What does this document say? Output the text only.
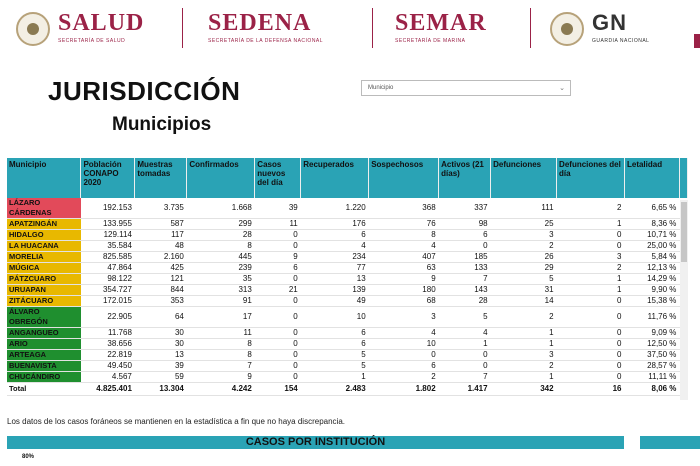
SALUD
SECRETARÍA DE SALUD
SEDENA
SECRETARÍA DE LA DEFENSA NACIONAL
SEMAR
SECRETARÍA DE MARINA
GN
GUARDIA NACIONAL
JURISDICCIÓN
Municipios
Municipio	⌄
Municipio	Población CONAPO 2020	Muestras tomadas	Confirmados	Casos nuevos del día	Recuperados	Sospechosos	Activos (21 días)	Defunciones	Defunciones del día	Letalidad	
LÁZARO CÁRDENAS	192.153	3.735	1.668	39	1.220	368	337	111	2	6,65 %	
APATZINGÁN	133.955	587	299	11	176	76	98	25	1	8,36 %	
HIDALGO	129.114	117	28	0	6	8	6	3	0	10,71 %	
LA HUACANA	35.584	48	8	0	4	4	0	2	0	25,00 %	
MORELIA	825.585	2.160	445	9	234	407	185	26	3	5,84 %	
MÚGICA	47.864	425	239	6	77	63	133	29	2	12,13 %	
PÁTZCUARO	98.122	121	35	0	13	9	7	5	1	14,29 %	
URUAPAN	354.727	844	313	21	139	180	143	31	1	9,90 %	
ZITÁCUARO	172.015	353	91	0	49	68	28	14	0	15,38 %	
ÁLVARO OBREGÓN	22.905	64	17	0	10	3	5	2	0	11,76 %	
ANGANGUEO	11.768	30	11	0	6	4	4	1	0	9,09 %	
ARIO	38.656	30	8	0	6	10	1	1	0	12,50 %	
ARTEAGA	22.819	13	8	0	5	0	0	3	0	37,50 %	
BUENAVISTA	49.450	39	7	0	5	6	0	2	0	28,57 %	
CHUCÁNDIRO	4.567	59	9	0	1	2	7	1	0	11,11 %	
Total	4.825.401	13.304	4.242	154	2.483	1.802	1.417	342	16	8,06 %	
Los datos de los casos foráneos se mantienen en la estadística a fin que no haya discrepancia.
CASOS POR INSTITUCIÓN
80%
